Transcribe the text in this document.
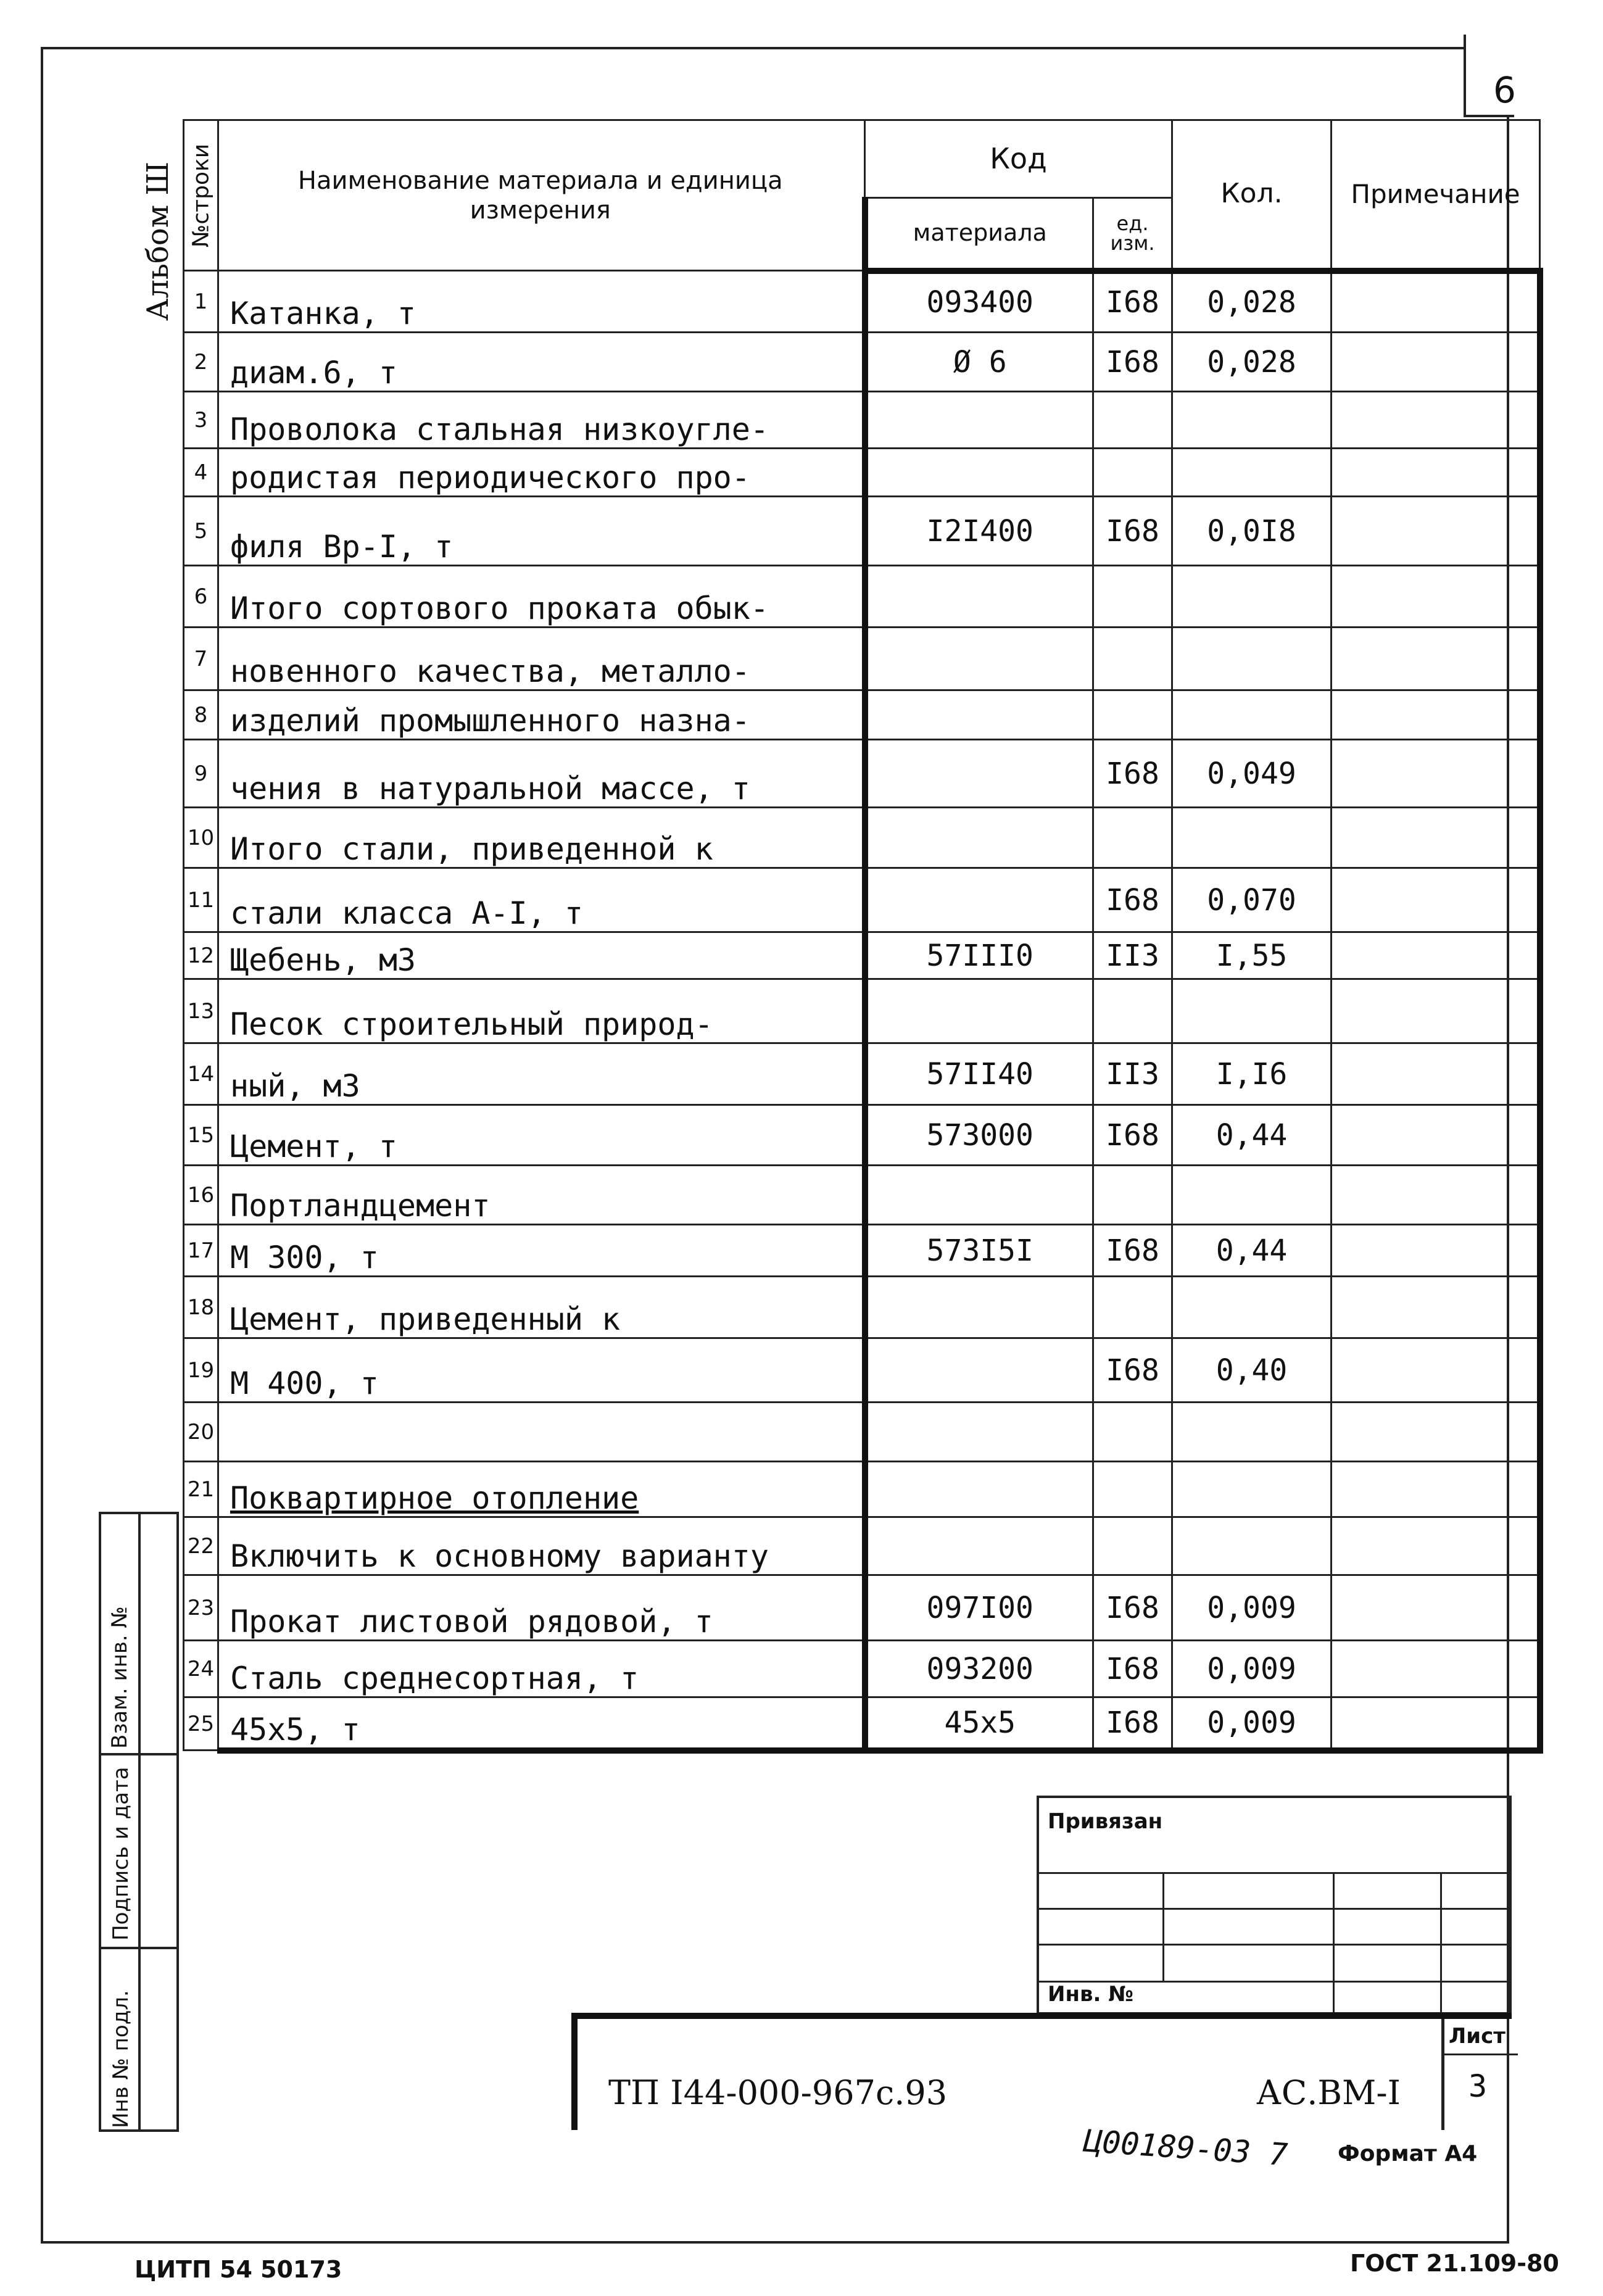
6
Альбом Ш №строки	Наименование материала и единица измерения	Код		Кол.	Примечание
		материала	ед. изм.		
1	Катанка, т	093400	I68	0,028	
2	диам.6, т	Ø 6	I68	0,028	
3	Проволока стальная низкоугле-				
4	родистая периодического про-				
5	филя Вр-I, т	I2I400	I68	0,0I8	
6	Итого сортового проката обык-				
7	новенного качества, металло-				
8	изделий промышленного назна-				
9	чения в натуральной массе, т		I68	0,049	
10	Итого стали, приведенной к				
11	стали класса А-I, т		I68	0,070	
12	Щебень, м3	57III0	II3	I,55	
13	Песок строительный природ-				
14	ный, м3	57II40	II3	I,I6	
15	Цемент, т	573000	I68	0,44	
16	Портландцемент				
17	М 300, т	573I5I	I68	0,44	
18	Цемент, приведенный к				
19	М 400, т		I68	0,40	
20					
21	Поквартирное отопление				
22	Включить к основному варианту				
23	Прокат листовой рядовой, т	097I00	I68	0,009	
24	Сталь среднесортная, т	093200	I68	0,009	
25	45x5, т	45x5	I68	0,009	
Взам. инв. №
Подпись и дата
Инв № подл.
Привязан
Инв. №
Лист
3
ТП I44-000-967с.93	АС.ВМ-I
Ц00189-03 7 Формат А4
ЦИТП 54 50173	ГОСТ 21.109-80
